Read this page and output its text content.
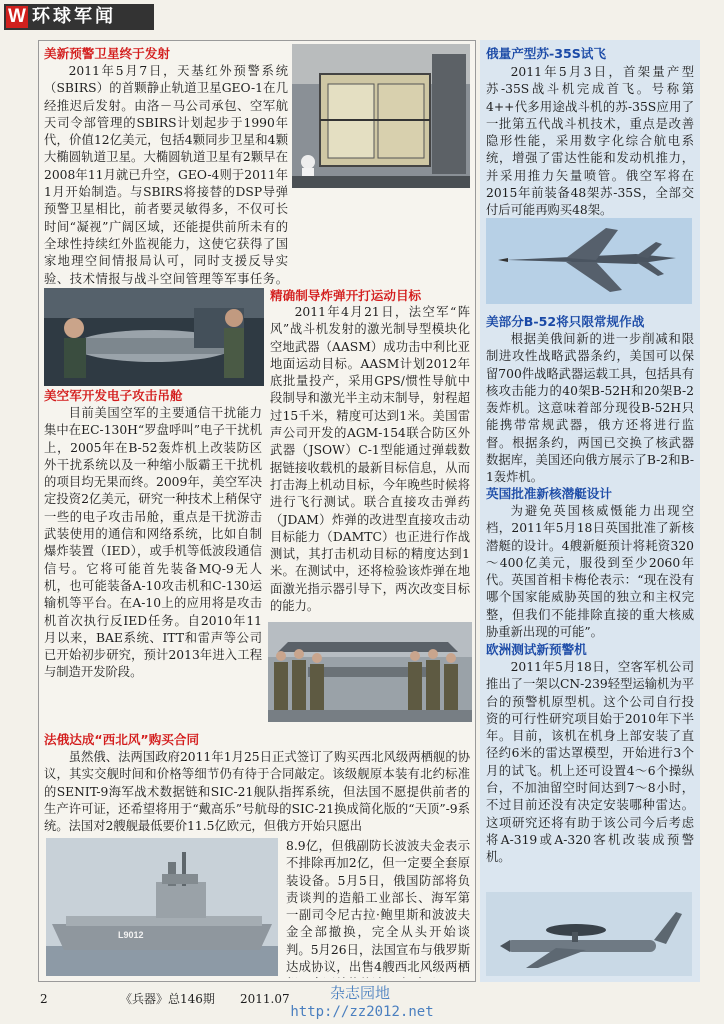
W 环球军闻
美新预警卫星终于发射

2011年5月7日，天基红外预警系统（SBIRS）的首颗静止轨道卫星GEO-1在几经推迟后发射。由洛－马公司承包、空军航天司令部管理的SBIRS计划起步于1990年代，价值12亿美元，包括4颗同步卫星和4颗大椭圆轨道卫星。大椭圆轨道卫星有2颗早在2008年11月就已升空，GEO-4则于2011年1月开始制造。与SBIRS将接替的DSP导弹预警卫星相比，前者要灵敏得多，不仅可长时间“凝视”广阔区域，还能提供前所未有的全球性持续红外监视能力，这使它获得了国家地理空间情报局认可，同时支援反导实验、技术情报与战斗空间管理等军事任务。

美空军开发电子攻击吊舱

目前美国空军的主要通信干扰能力集中在EC-130H“罗盘呼叫”电子干扰机上，2005年在B-52轰炸机上改装防区外干扰系统以及一种缩小版霸王干扰机的项目均无果而终。2009年，美空军决定投资2亿美元，研究一种技术上稍保守一些的电子攻击吊舱，重点是干扰游击武装使用的通信和网络系统，比如自制爆炸装置（IED），或手机等低波段通信信号。它将可能首先装备MQ-9无人机，也可能装备A-10攻击机和C-130运输机等平台。在A-10上的应用将是攻击机首次执行反IED任务。自2010年11月以来，BAE系统、ITT和雷声等公司已开始初步研究，预计2013年进入工程与制造开发阶段。

精确制导炸弹开打运动目标

2011年4月21日，法空军“阵风”战斗机发射的激光制导型模块化空地武器（AASM）成功击中利比亚地面运动目标。AASM计划2012年底批量投产，采用GPS/惯性导航中段制导和激光半主动末制导，射程超过15千米，精度可达到1米。美国雷声公司开发的AGM-154联合防区外武器（JSOW）C-1型能通过弹载数据链接收载机的最新目标信息，从而打击海上机动目标，今年晚些时候将进行飞行测试。联合直接攻击弹药（JDAM）炸弹的改进型直接攻击动目标能力（DAMTC）也正进行作战测试，其打击机动目标的精度达到1米。在测试中，还将检验该炸弹在地面激光指示器引导下，两次改变目标的能力。

法俄达成“西北风”购买合同

虽然俄、法两国政府2011年1月25日正式签订了购买西北风级两栖舰的协议，其实交舰时间和价格等细节仍有待于合同敲定。该级舰原本装有北约标准的SENIT-9海军战术数据链和SIC-21舰队指挥系统，但法国不愿提供前者的生产许可证，还希望将用于“戴高乐”号航母的SIC-21换成简化版的“天顶”-9系统。法国对2艘舰最低要价11.5亿欧元，但俄方开始只愿出

L9012

8.9亿，但俄副防长波波夫金表示不排除再加2亿，但一定要全套原装设备。5月5日，俄国防部将负责谈判的造船工业部长、海军第一副司令尼古拉·鲍里斯和波波夫金全部撤换，完全从头开始谈判。5月26日，法国宣布与俄罗斯达成协议，出售4艘西北风级两栖

俄量产型苏-35S试飞

2011年5月3日，首架量产型苏-35S战斗机完成首飞。号称第4++代多用途战斗机的苏-35S应用了一批第五代战斗机技术，重点是改善隐形性能，采用数字化综合航电系统，增强了雷达性能和发动机推力，并采用推力矢量喷管。俄空军将在2015年前装备48架苏-35S，全部交付后可能再购买48架。

美部分B-52将只限常规作战

根据美俄间新的进一步削减和限制进攻性战略武器条约，美国可以保留700件战略武器运载工具，包括具有核攻击能力的40架B-52H和20架B-2轰炸机。这意味着部分现役B-52H只能携带常规武器，俄方还将进行监督。根据条约，两国已交换了核武器数据库，美国还向俄方展示了B-2和B-1轰炸机。

英国批准新核潜艇设计

为避免英国核威慑能力出现空档，2011年5月18日英国批准了新核潜艇的设计。4艘新艇预计将耗资320～400亿美元，服役到至少2060年代。英国首相卡梅伦表示：“现在没有哪个国家能威胁英国的独立和主权完整，但我们不能排除直接的重大核威胁重新出现的可能”。

欧洲测试新预警机

2011年5月18日，空客军机公司推出了一架以CN-239轻型运输机为平台的预警机原型机。这个公司自行投资的可行性研究项目始于2010年下半年。目前，该机在机身上部安装了直径约6米的雷达罩模型，开始进行3个月的试飞。机上还可设置4～6个操纵台，不加油留空时间达到7～8小时，不过目前还没有决定安装哪种雷达。这项研究还将有助于该公司今后考虑将A-319或A-320客机改装成预警机。

2	《兵器》总146期 2011.07	杂志园地
http://zz2012.net
